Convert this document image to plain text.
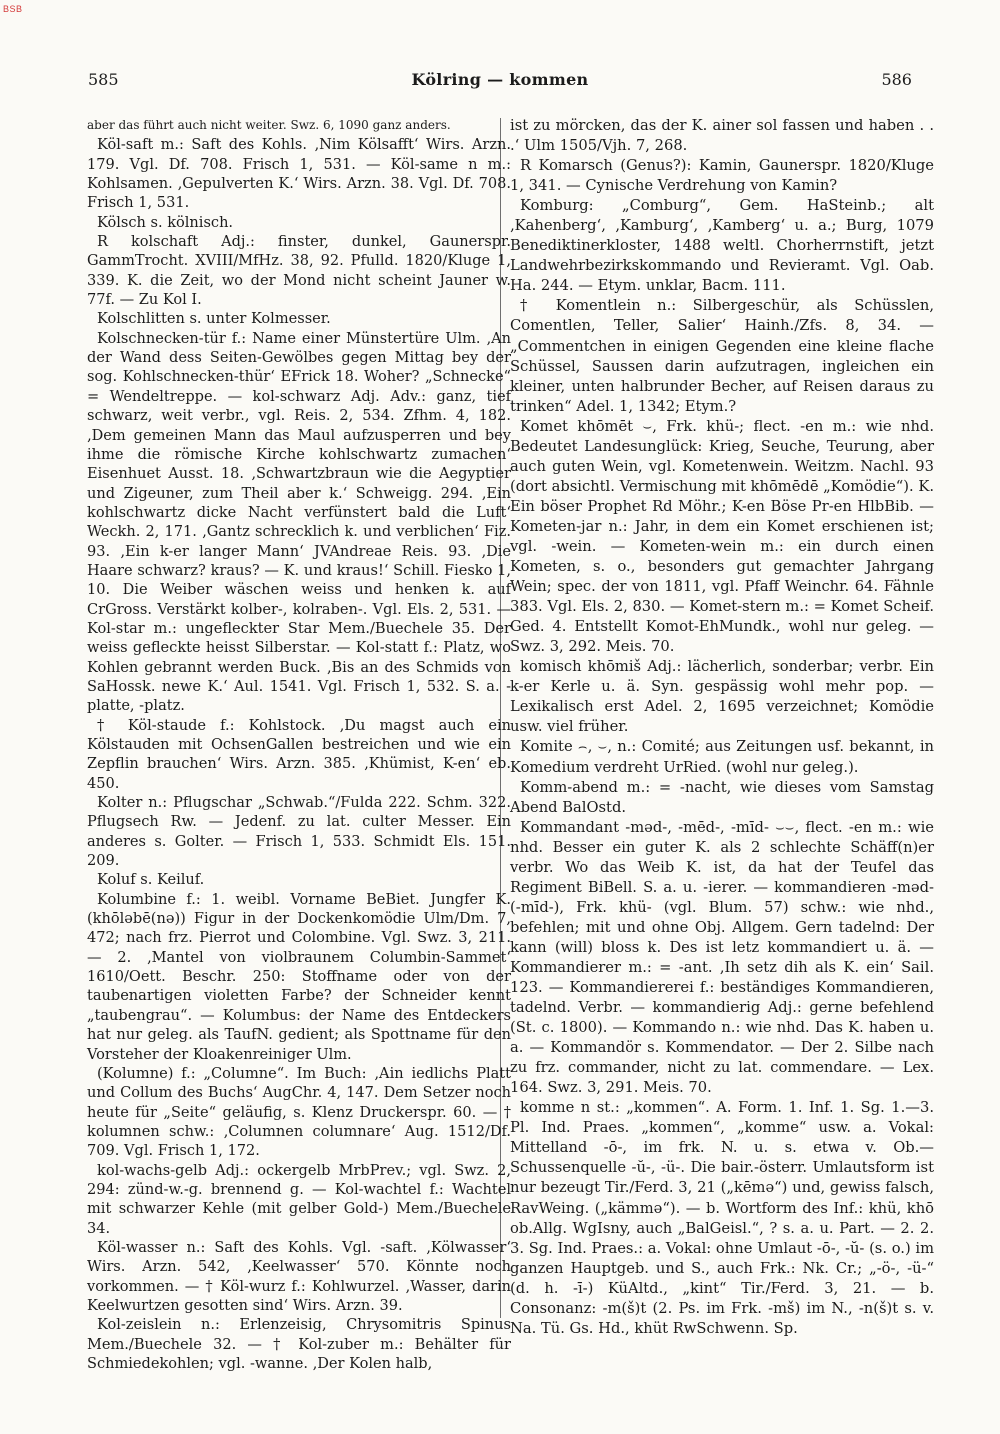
BSB
585	Kölring — kommen	586

aber das führt auch nicht weiter. Swz. 6, 1090 ganz anders.

Köl-saft m.: Saft des Kohls. ‚Nim Kölsafft‘ Wirs. Arzn. 179. Vgl. Df. 708. Frisch 1, 531. — Köl-same n m.: Kohlsamen. ‚Gepulverten K.‘ Wirs. Arzn. 38. Vgl. Df. 708. Frisch 1, 531.

Kölsch s. kölnisch.

R kolschaft Adj.: finster, dunkel, Gaunerspr. GammTrocht. XVIII/MfHz. 38, 92. Pfulld. 1820/Kluge 1, 339. K. die Zeit, wo der Mond nicht scheint Jauner w. 77f. — Zu Kol I.

Kolschlitten s. unter Kolmesser.

Kolschnecken-tür f.: Name einer Münstertüre Ulm. ‚An der Wand dess Seiten-Gewölbes gegen Mittag bey der sog. Kohlschnecken-thür‘ EFrick 18. Woher? „Schnecke“ = Wendeltreppe. — kol-schwarz Adj. Adv.: ganz, tief schwarz, weit verbr., vgl. Reis. 2, 534. Zfhm. 4, 182. ‚Dem gemeinen Mann das Maul aufzusperren und bey ihme die römische Kirche kohlschwartz zumachen‘ Eisenhuet Ausst. 18. ‚Schwartzbraun wie die Aegyptier und Zigeuner, zum Theil aber k.‘ Schweigg. 294. ‚Ein kohlschwartz dicke Nacht verfünstert bald die Luft‘ Weckh. 2, 171. ‚Gantz schrecklich k. und verblichen‘ Fiz. 93. ‚Ein k-er langer Mann‘ JVAndreae Reis. 93. ‚Die Haare schwarz? kraus? — K. und kraus!‘ Schill. Fiesko 1, 10. Die Weiber wäschen weiss und henken k. auf CrGross. Verstärkt kolber-, kolraben-. Vgl. Els. 2, 531. — Kol-star m.: ungefleckter Star Mem./Buechele 35. Der weiss gefleckte heisst Silberstar. — Kol-statt f.: Platz, wo Kohlen gebrannt werden Buck. ‚Bis an des Schmids von SaHossk. newe K.‘ Aul. 1541. Vgl. Frisch 1, 532. S. a. -platte, -platz.

† Köl-staude f.: Kohlstock. ‚Du magst auch ein Kölstauden mit OchsenGallen bestreichen und wie ein Zepflin brauchen‘ Wirs. Arzn. 385. ‚Khümist, K-en‘ eb. 450.

Kolter n.: Pflugschar „Schwab.“/Fulda 222. Schm. 322. Pflugsech Rw. — Jedenf. zu lat. culter Messer. Ein anderes s. Golter. — Frisch 1, 533. Schmidt Els. 151. 209.

Koluf s. Keiluf.

Kolumbine f.: 1. weibl. Vorname BeBiet. Jungfer K. (khōləbē(nə)) Figur in der Dockenkomödie Ulm/Dm. 7, 472; nach frz. Pierrot und Colombine. Vgl. Swz. 3, 211. — 2. ‚Mantel von violbraunem Columbin-Sammet‘ 1610/Oett. Beschr. 250: Stoffname oder von der taubenartigen violetten Farbe? der Schneider kennt „taubengrau“. — Kolumbus: der Name des Entdeckers hat nur geleg. als TaufN. gedient; als Spottname für den Vorsteher der Kloakenreiniger Ulm.

(Kolumne) f.: „Columne“. Im Buch: ‚Ain iedlichs Platt und Collum des Buchs‘ AugChr. 4, 147. Dem Setzer noch heute für „Seite“ geläufig, s. Klenz Druckerspr. 60. — † kolumnen schw.: ‚Columnen columnare‘ Aug. 1512/Df. 709. Vgl. Frisch 1, 172.

kol-wachs-gelb Adj.: ockergelb MrbPrev.; vgl. Swz. 2, 294: zünd-w.-g. brennend g. — Kol-wachtel f.: Wachtel mit schwarzer Kehle (mit gelber Gold-) Mem./Buechele 34.

Köl-wasser n.: Saft des Kohls. Vgl. -saft. ‚Kölwasser‘ Wirs. Arzn. 542, ‚Keelwasser‘ 570. Könnte noch vorkommen. — † Köl-wurz f.: Kohlwurzel. ‚Wasser, darin Keelwurtzen gesotten sind‘ Wirs. Arzn. 39.

Kol-zeislein n.: Erlenzeisig, Chrysomitris Spinus Mem./Buechele 32. — † Kol-zuber m.: Behälter für Schmiedekohlen; vgl. -wanne. ‚Der Kolen halb,

ist zu mörcken, das der K. ainer sol fassen und haben . . .‘ Ulm 1505/Vjh. 7, 268.

R Komarsch (Genus?): Kamin, Gaunerspr. 1820/Kluge 1, 341. — Cynische Verdrehung von Kamin?

Komburg: „Comburg“, Gem. HaSteinb.; alt ‚Kahenberg‘, ‚Kamburg‘, ‚Kamberg‘ u. a.; Burg, 1079 Benediktinerkloster, 1488 weltl. Chorherrnstift, jetzt Landwehrbezirkskommando und Revieramt. Vgl. Oab. Ha. 244. — Etym. unklar, Bacm. 111.

† Komentlein n.: Silbergeschür, als Schüsslen, Comentlen, Teller, Salier‘ Hainh./Zfs. 8, 34. — „Commentchen in einigen Gegenden eine kleine flache Schüssel, Saussen darin aufzutragen, ingleichen ein kleiner, unten halbrunder Becher, auf Reisen daraus zu trinken“ Adel. 1, 1342; Etym.?

Komet khōmēt ⌣‚ Frk. khü-; flect. -en m.: wie nhd. Bedeutet Landesunglück: Krieg, Seuche, Teurung, aber auch guten Wein, vgl. Kometenwein. Weitzm. Nachl. 93 (dort absichtl. Vermischung mit khōmēdē „Komödie“). K. Ein böser Prophet Rd Möhr.; K-en Böse Pr-en HlbBib. — Kometen-jar n.: Jahr, in dem ein Komet erschienen ist; vgl. -wein. — Kometen-wein m.: ein durch einen Kometen, s. o., besonders gut gemachter Jahrgang Wein; spec. der von 1811, vgl. Pfaff Weinchr. 64. Fähnle 383. Vgl. Els. 2, 830. — Komet-stern m.: = Komet Scheif. Ged. 4. Entstellt Komot-EhMundk., wohl nur geleg. — Swz. 3, 292. Meis. 70.

komisch khōmiš Adj.: lächerlich, sonderbar; verbr. Ein k-er Kerle u. ä. Syn. gespässig wohl mehr pop. — Lexikalisch erst Adel. 2, 1695 verzeichnet; Komödie usw. viel früher.

Komite ⌢‚ ⌣‚ n.: Comité; aus Zeitungen usf. bekannt, in Komedium verdreht UrRied. (wohl nur geleg.).

Komm-abend m.: = -nacht, wie dieses vom Samstag Abend BalOstd.

Kommandant -məd-, -mēd-, -mīd- ⌣⌣‚ flect. -en m.: wie nhd. Besser ein guter K. als 2 schlechte Schäff(n)er verbr. Wo das Weib K. ist, da hat der Teufel das Regiment BiBell. S. a. u. -ierer. — kommandieren -məd- (-mīd-), Frk. khü- (vgl. Blum. 57) schw.: wie nhd., befehlen; mit und ohne Obj. Allgem. Gern tadelnd: Der kann (will) bloss k. Des ist letz kommandiert u. ä. — Kommandierer m.: = -ant. ‚Ih setz dih als K. ein‘ Sail. 123. — Kommandiererei f.: beständiges Kommandieren, tadelnd. Verbr. — kommandierig Adj.: gerne befehlend (St. c. 1800). — Kommando n.: wie nhd. Das K. haben u. a. — Kommandör s. Kommendator. — Der 2. Silbe nach zu frz. commander, nicht zu lat. commendare. — Lex. 164. Swz. 3, 291. Meis. 70.

komme n st.: „kommen“. A. Form. 1. Inf. 1. Sg. 1.—3. Pl. Ind. Praes. „kommen“, „komme“ usw. a. Vokal: Mittelland -ō-, im frk. N. u. s. etwa v. Ob.—Schussenquelle -ŭ-, -ü-. Die bair.-österr. Umlautsform ist nur bezeugt Tir./Ferd. 3, 21 („kēmə“) und, gewiss falsch, RavWeing. („kämmə“). — b. Wortform des Inf.: khü, khō ob.Allg. WgIsny, auch „BalGeisl.“, ? s. a. u. Part. — 2. 2. 3. Sg. Ind. Praes.: a. Vokal: ohne Umlaut -ō-, -ŭ- (s. o.) im ganzen Hauptgeb. und S., auch Frk.: Nk. Cr.; „-ö-, -ü-“ (d. h. -ī-) KüAltd., „kint“ Tir./Ferd. 3, 21. — b. Consonanz: -m(š)t (2. Ps. im Frk. -mš) im N., -n(š)t s. v. Na. Tü. Gs. Hd., khüt RwSchwenn. Sp.
